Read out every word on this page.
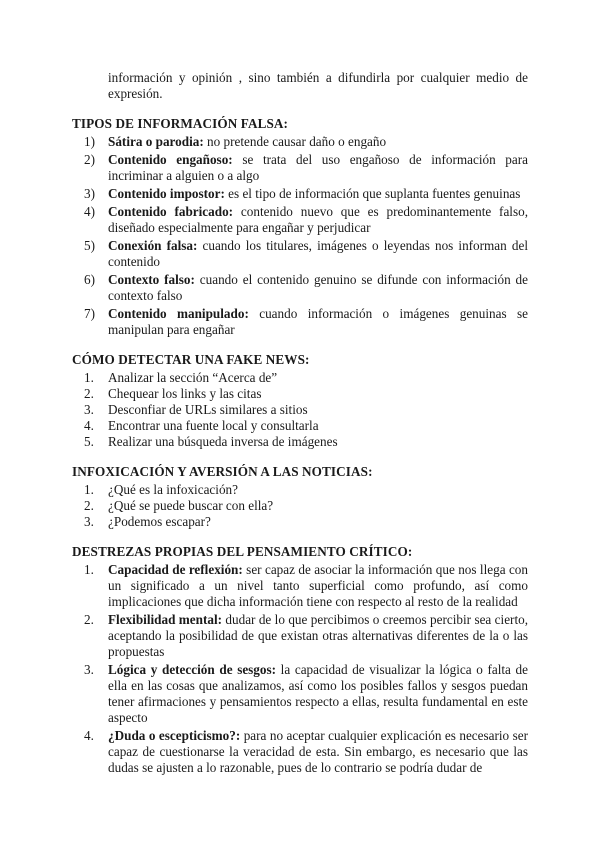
información y opinión , sino también a difundirla por cualquier medio de expresión.

TIPOS DE INFORMACIÓN FALSA:
1) Sátira o parodia: no pretende causar daño o engaño
2) Contenido engañoso: se trata del uso engañoso de información para incriminar a alguien o a algo
3) Contenido impostor: es el tipo de información que suplanta fuentes genuinas
4) Contenido fabricado: contenido nuevo que es predominantemente falso, diseñado especialmente para engañar y perjudicar
5) Conexión falsa: cuando los titulares, imágenes o leyendas nos informan del contenido
6) Contexto falso: cuando el contenido genuino se difunde con información de contexto falso
7) Contenido manipulado: cuando información o imágenes genuinas se manipulan para engañar
CÓMO DETECTAR UNA FAKE NEWS:
1.	Analizar la sección “Acerca de”
2.	Chequear los links y las citas
3.	Desconfiar de URLs similares a sitios
4.	Encontrar una fuente local y consultarla
5.	Realizar una búsqueda inversa de imágenes
INFOXICACIÓN Y AVERSIÓN A LAS NOTICIAS:
1.	¿Qué es la infoxicación?
2.	¿Qué se puede buscar con ella?
3.	¿Podemos escapar?
DESTREZAS PROPIAS DEL PENSAMIENTO CRÍTICO:
1.	Capacidad de reflexión: ser capaz de asociar la información que nos llega con un significado a un nivel tanto superficial como profundo, así como implicaciones que dicha información tiene con respecto al resto de la realidad
2.	Flexibilidad mental: dudar de lo que percibimos o creemos percibir sea cierto, aceptando la posibilidad de que existan otras alternativas diferentes de la o las propuestas
3.	Lógica y detección de sesgos: la capacidad de visualizar la lógica o falta de ella en las cosas que analizamos, así como los posibles fallos y sesgos puedan tener afirmaciones y pensamientos respecto a ellas, resulta fundamental en este aspecto
4.	¿Duda o escepticismo?: para no aceptar cualquier explicación es necesario ser capaz de cuestionarse la veracidad de esta. Sin embargo, es necesario que las dudas se ajusten a lo razonable, pues de lo contrario se podría dudar de
